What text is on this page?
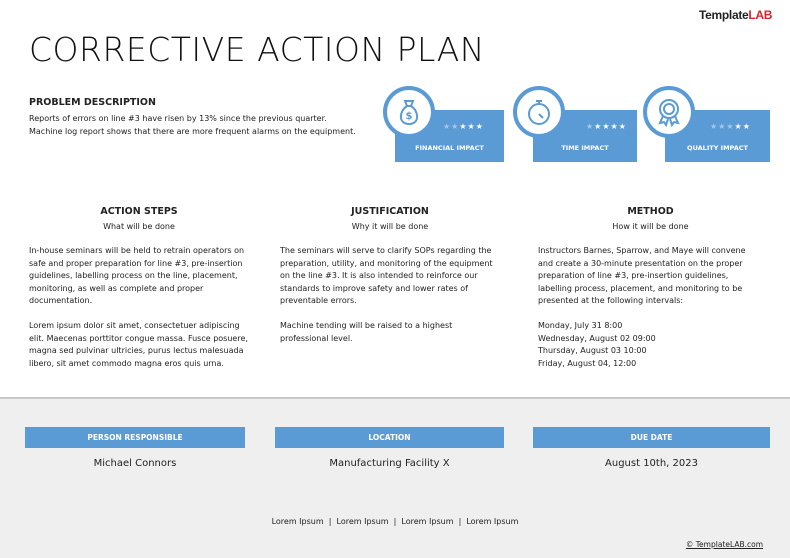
TemplateLAB
CORRECTIVE ACTION PLAN
PROBLEM DESCRIPTION
Reports of errors on line #3 have risen by 13% since the previous quarter.
Machine log report shows that there are more frequent alarms on the equipment.
★★★★★
FINANCIAL IMPACT
$
★★★★★
TIME IMPACT
★★★★★
QUALITY IMPACT
ACTION STEPS
What will be done

In-house seminars will be held to retrain operators on safe and proper preparation for line #3, pre-insertion guidelines, labelling process on the line, placement, monitoring, as well as complete and proper documentation.

Lorem ipsum dolor sit amet, consectetuer adipiscing elit. Maecenas porttitor congue massa. Fusce posuere, magna sed pulvinar ultricies, purus lectus malesuada libero, sit amet commodo magna eros quis urna.

JUSTIFICATION
Why it will be done

The seminars will serve to clarify SOPs regarding the preparation, utility, and monitoring of the equipment on the line #3. It is also intended to reinforce our standards to improve safety and lower rates of preventable errors.

Machine tending will be raised to a highest professional level.

METHOD
How it will be done

Instructors Barnes, Sparrow, and Maye will convene and create a 30-minute presentation on the proper preparation of line #3, pre-insertion guidelines, labelling process, placement, and monitoring to be presented at the following intervals:

Monday, July 31 8:00
Wednesday, August 02 09:00
Thursday, August 03 10:00
Friday, August 04, 12:00
PERSON RESPONSIBLE
Michael Connors
LOCATION
Manufacturing Facility X
DUE DATE
August 10th, 2023
Lorem Ipsum  |  Lorem Ipsum  |  Lorem Ipsum  |  Lorem Ipsum
© TemplateLAB.com
